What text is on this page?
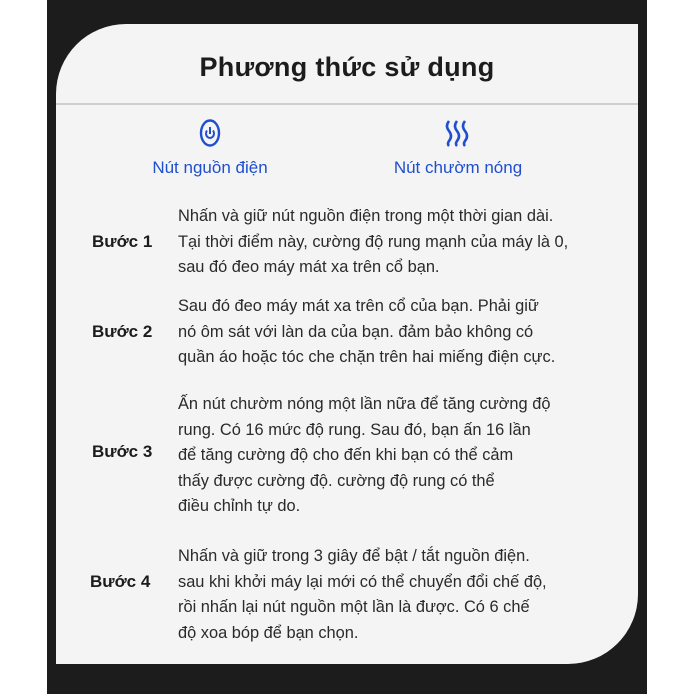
Phương thức sử dụng
Nút nguồn điện	Nút chườm nóng
Bước 1
Nhấn và giữ nút nguồn điện trong một thời gian dài.
Tại thời điểm này, cường độ rung mạnh của máy là 0,
sau đó đeo máy mát xa trên cổ bạn.
Bước 2
Sau đó đeo máy mát xa trên cổ của bạn. Phải giữ
nó ôm sát với làn da của bạn. đảm bảo không có
quần áo hoặc tóc che chặn trên hai miếng điện cực.
Bước 3
Ấn nút chườm nóng một lần nữa để tăng cường độ
rung. Có 16 mức độ rung. Sau đó, bạn ấn 16 lần
để tăng cường độ cho đến khi bạn có thể cảm
thấy được cường độ. cường độ rung có thể
điều chỉnh tự do.
Bước 4
Nhấn và giữ trong 3 giây để bật / tắt nguồn điện.
sau khi khởi máy lại mới có thể chuyển đổi chế độ,
rồi nhấn lại nút nguồn một lần là được. Có 6 chế
độ xoa bóp để bạn chọn.
